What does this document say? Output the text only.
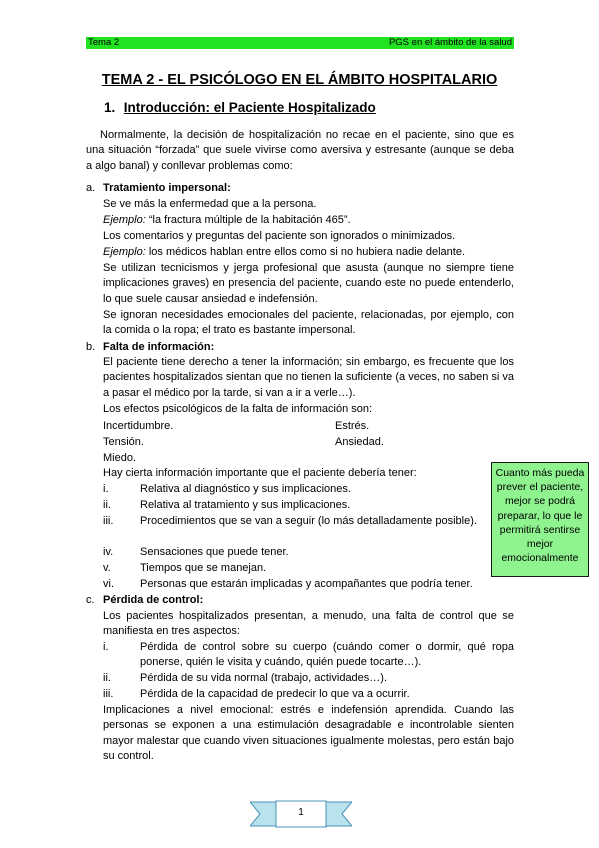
Tema 2	PGS en el ámbito de la salud
TEMA 2 - EL PSICÓLOGO EN EL ÁMBITO HOSPITALARIO
1. Introducción: el Paciente Hospitalizado
Normalmente, la decisión de hospitalización no recae en el paciente, sino que es una situación “forzada” que suele vivirse como aversiva y estresante (aunque se deba a algo banal) y conllevar problemas como:
a. Tratamiento impersonal:
Se ve más la enfermedad que a la persona.
Ejemplo: “la fractura múltiple de la habitación 465”.
Los comentarios y preguntas del paciente son ignorados o minimizados.
Ejemplo: los médicos hablan entre ellos como si no hubiera nadie delante.
Se utilizan tecnicismos y jerga profesional que asusta (aunque no siempre tiene implicaciones graves) en presencia del paciente, cuando este no puede entenderlo, lo que suele causar ansiedad e indefensión.
Se ignoran necesidades emocionales del paciente, relacionadas, por ejemplo, con la comida o la ropa; el trato es bastante impersonal.
b. Falta de información:
El paciente tiene derecho a tener la información; sin embargo, es frecuente que los pacientes hospitalizados sientan que no tienen la suficiente (a veces, no saben si va a pasar el médico por la tarde, si van a ir a verle…).
Los efectos psicológicos de la falta de información son:
Incertidumbre.	Estrés.
Tensión.	Ansiedad.
Miedo.
Hay cierta información importante que el paciente debería tener:
i.	Relativa al diagnóstico y sus implicaciones.
ii.	Relativa al tratamiento y sus implicaciones.
iii. Procedimientos que se van a seguir (lo más detalladamente posible).
iv. Sensaciones que puede tener.
v.	Tiempos que se manejan.
vi. Personas que estarán implicadas y acompañantes que podría tener.
Cuanto más pueda prever el paciente, mejor se podrá preparar, lo que le permitirá sentirse mejor emocionalmente
c. Pérdida de control:
Los pacientes hospitalizados presentan, a menudo, una falta de control que se manifiesta en tres aspectos:
i.	Pérdida de control sobre su cuerpo (cuándo comer o dormir, qué ropa ponerse, quién le visita y cuándo, quién puede tocarte…).
ii.	Pérdida de su vida normal (trabajo, actividades…).
iii. Pérdida de la capacidad de predecir lo que va a ocurrir.
Implicaciones a nivel emocional: estrés e indefensión aprendida. Cuando las personas se exponen a una estimulación desagradable e incontrolable sienten mayor malestar que cuando viven situaciones igualmente molestas, pero están bajo su control.
1
